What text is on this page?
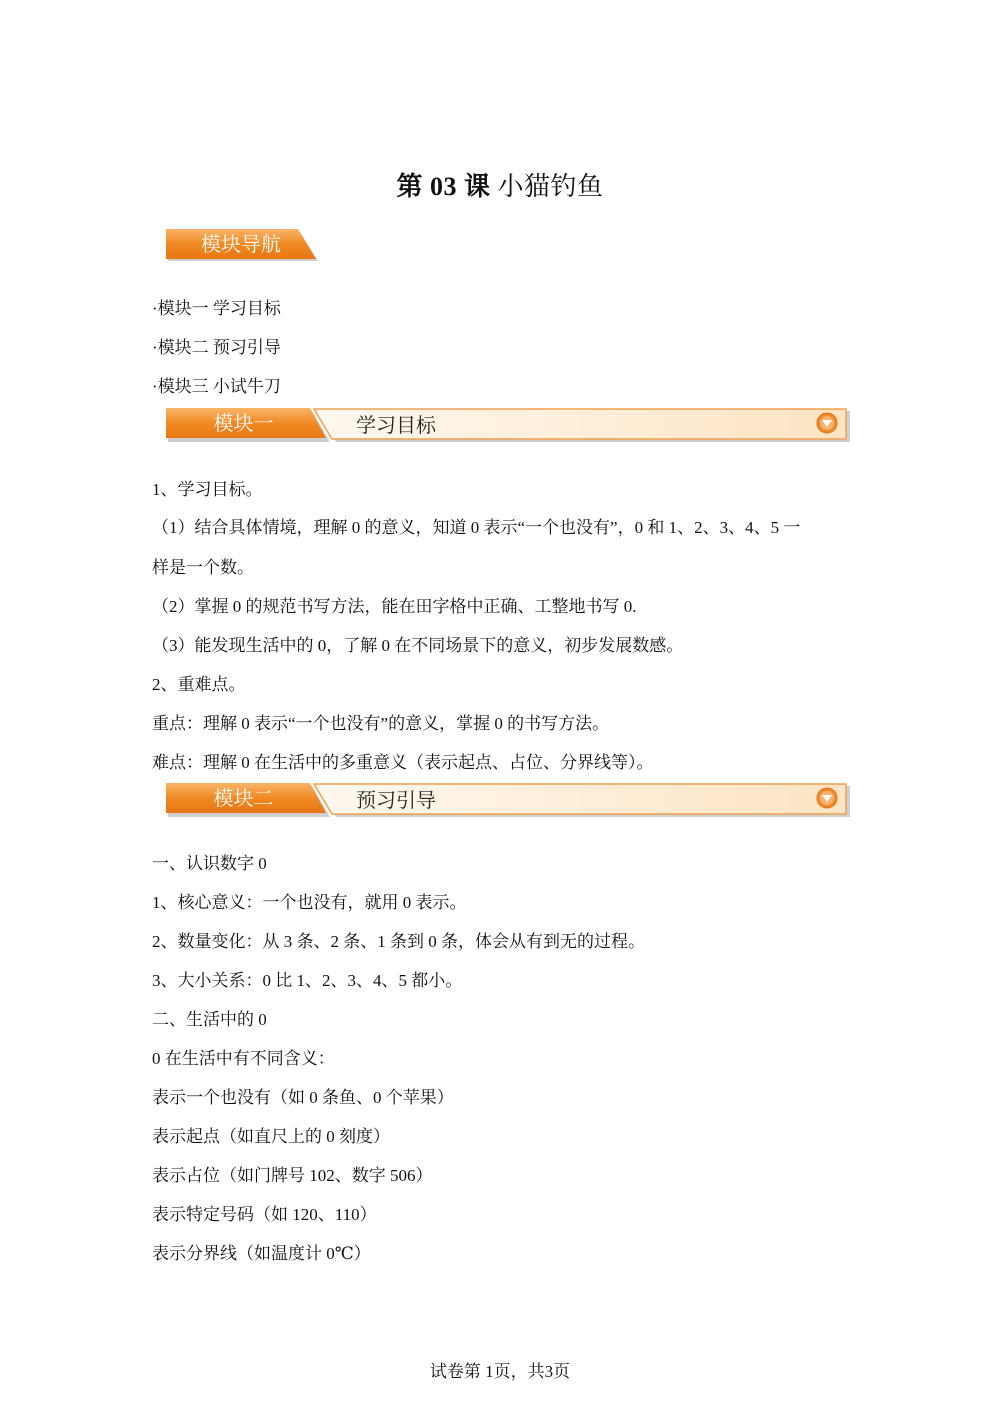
第 03 课 小猫钓鱼
模块导航
·模块一 学习目标
·模块二 预习引导
·模块三 小试牛刀
模块一	学习目标
1、学习目标。
（1）结合具体情境，理解 0 的意义，知道 0 表示“一个也没有”，0 和 1、2、3、4、5 一
样是一个数。
（2）掌握 0 的规范书写方法，能在田字格中正确、工整地书写 0.
（3）能发现生活中的 0，了解 0 在不同场景下的意义，初步发展数感。
2、重难点。
重点：理解 0 表示“一个也没有”的意义，掌握 0 的书写方法。
难点：理解 0 在生活中的多重意义（表示起点、占位、分界线等）。
模块二	预习引导
一、认识数字 0
1、核心意义：一个也没有，就用 0 表示。
2、数量变化：从 3 条、2 条、1 条到 0 条，体会从有到无的过程。
3、大小关系：0 比 1、2、3、4、5 都小。
二、生活中的 0
0 在生活中有不同含义：
表示一个也没有（如 0 条鱼、0 个苹果）
表示起点（如直尺上的 0 刻度）
表示占位（如门牌号 102、数字 506）
表示特定号码（如 120、110）
表示分界线（如温度计 0℃）
试卷第 1页，共3页
